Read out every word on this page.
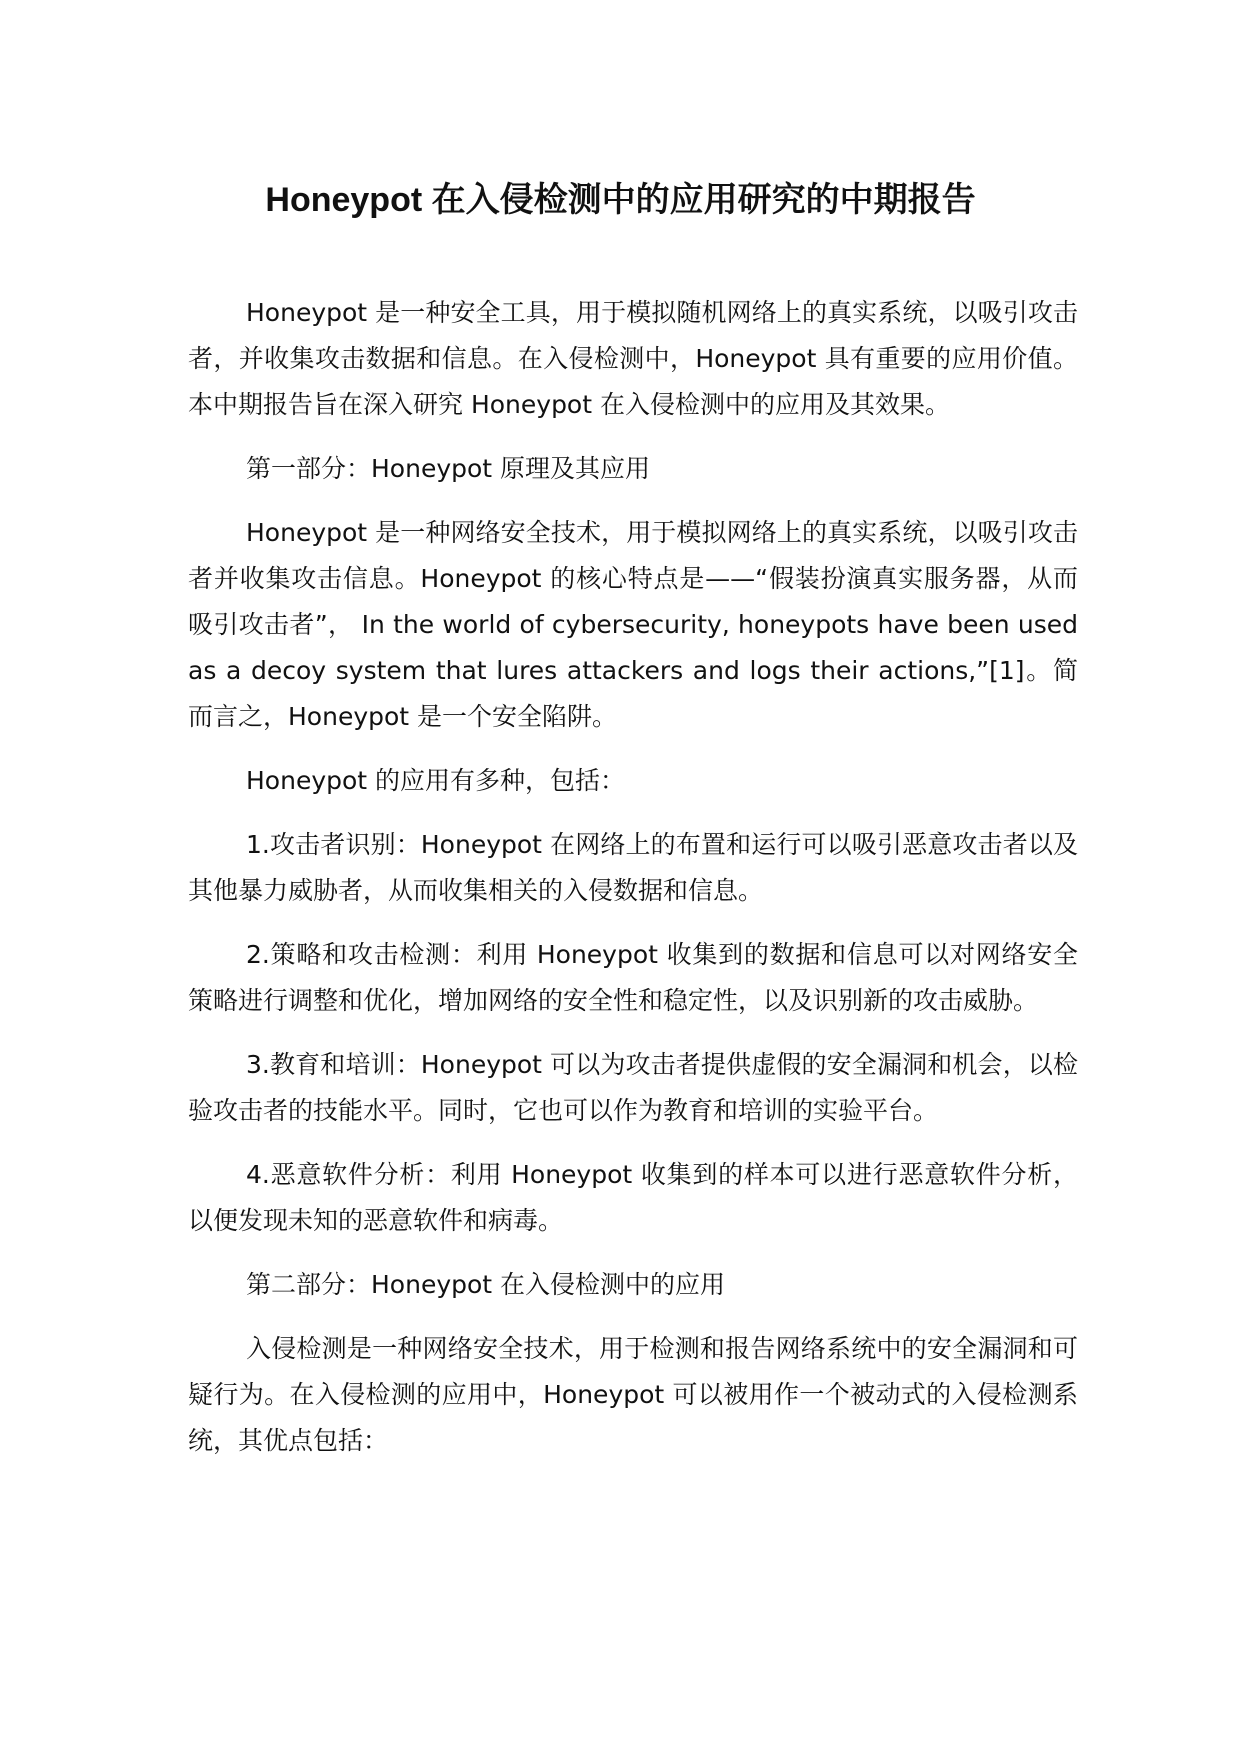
Honeypot 在入侵检测中的应用研究的中期报告

Honeypot 是一种安全工具，用于模拟随机网络上的真实系统，以吸引攻击者，并收集攻击数据和信息。在入侵检测中，Honeypot 具有重要的应用价值。本中期报告旨在深入研究 Honeypot 在入侵检测中的应用及其效果。

第一部分：Honeypot 原理及其应用

Honeypot 是一种网络安全技术，用于模拟网络上的真实系统，以吸引攻击者并收集攻击信息。Honeypot 的核心特点是——“假装扮演真实服务器，从而吸引攻击者”， In the world of cybersecurity, honeypots have been used as a decoy system that lures attackers and logs their actions,”[1]。简而言之，Honeypot 是一个安全陷阱。

Honeypot 的应用有多种，包括：

1.攻击者识别：Honeypot 在网络上的布置和运行可以吸引恶意攻击者以及其他暴力威胁者，从而收集相关的入侵数据和信息。

2.策略和攻击检测：利用 Honeypot 收集到的数据和信息可以对网络安全策略进行调整和优化，增加网络的安全性和稳定性，以及识别新的攻击威胁。

3.教育和培训：Honeypot 可以为攻击者提供虚假的安全漏洞和机会，以检验攻击者的技能水平。同时，它也可以作为教育和培训的实验平台。

4.恶意软件分析：利用 Honeypot 收集到的样本可以进行恶意软件分析，以便发现未知的恶意软件和病毒。

第二部分：Honeypot 在入侵检测中的应用

入侵检测是一种网络安全技术，用于检测和报告网络系统中的安全漏洞和可疑行为。在入侵检测的应用中，Honeypot 可以被用作一个被动式的入侵检测系统，其优点包括：
